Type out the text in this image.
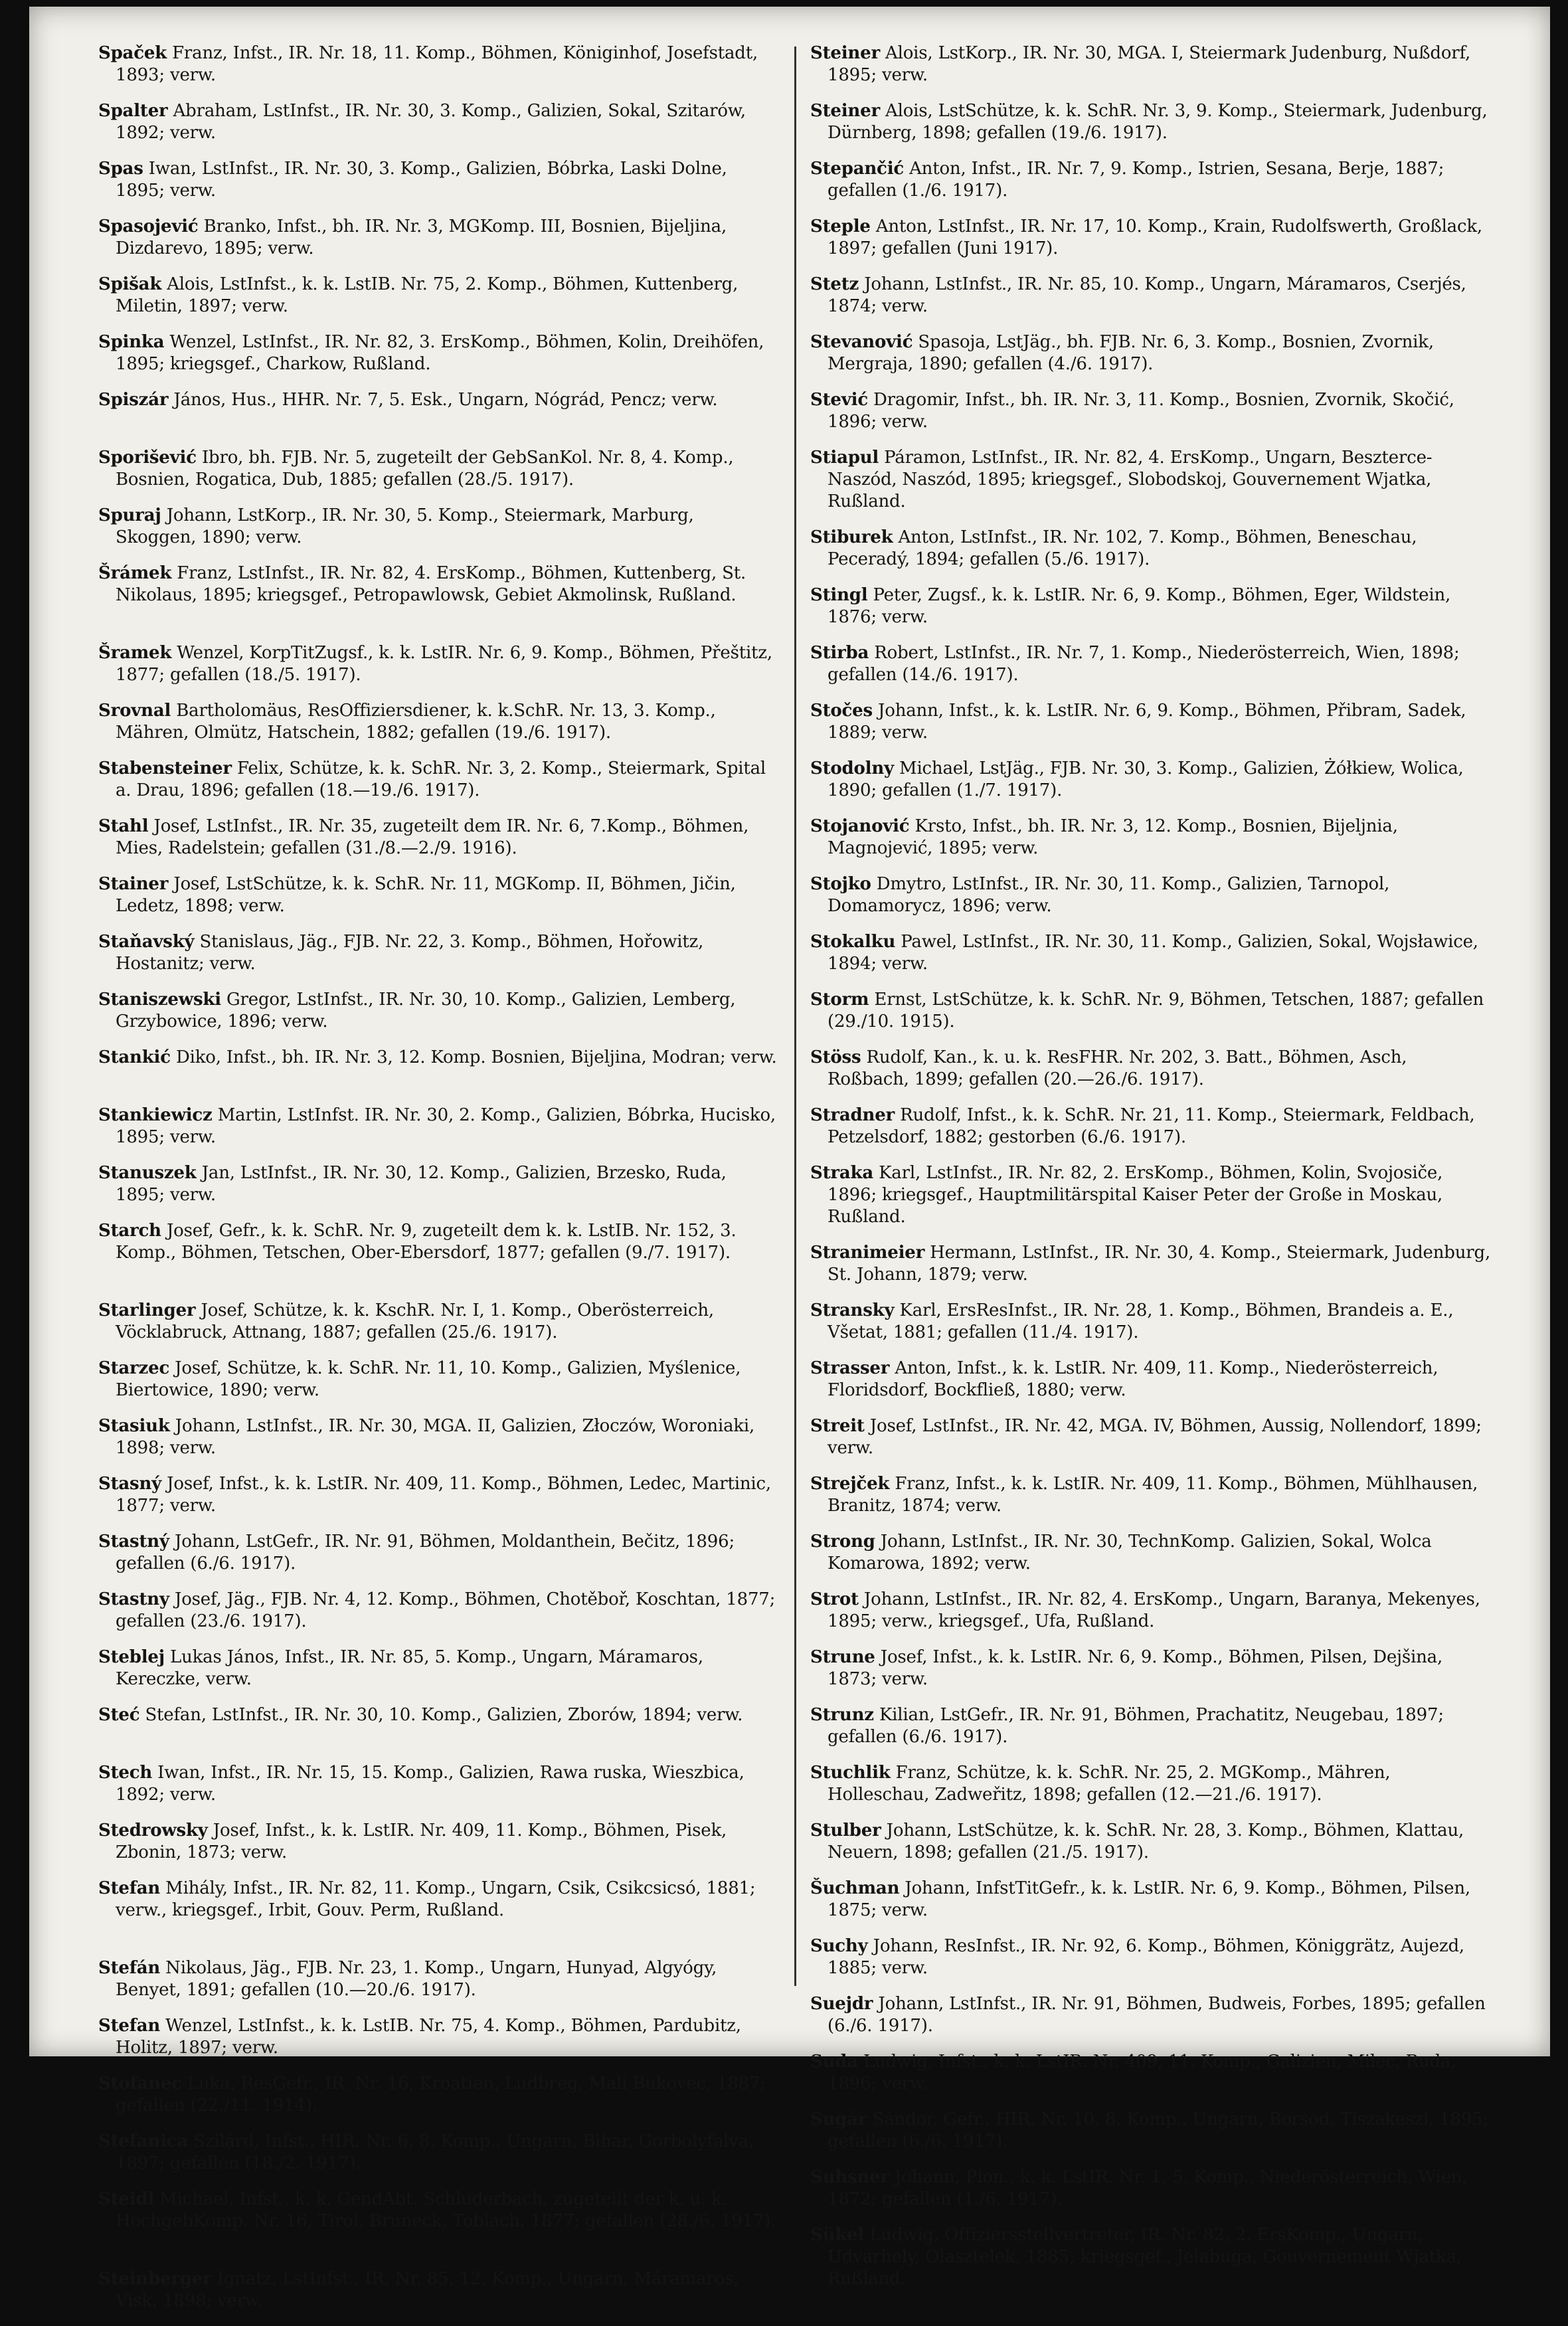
Spaček Franz, Infst., IR. Nr. 18, 11. Komp., Böhmen, Königinhof, Josefstadt, 1893; verw.
Spalter Abraham, LstInfst., IR. Nr. 30, 3. Komp., Galizien, Sokal, Szitarów, 1892; verw.
Spas Iwan, LstInfst., IR. Nr. 30, 3. Komp., Galizien, Bóbrka, Laski Dolne, 1895; verw.
Spasojević Branko, Infst., bh. IR. Nr. 3, MGKomp. III, Bosnien, Bijeljina, Dizdarevo, 1895; verw.
Spišak Alois, LstInfst., k. k. LstIB. Nr. 75, 2. Komp., Böhmen, Kuttenberg, Miletin, 1897; verw.
Spinka Wenzel, LstInfst., IR. Nr. 82, 3. ErsKomp., Böhmen, Kolin, Dreihöfen, 1895; kriegsgef., Charkow, Rußland.
Spiszár János, Hus., HHR. Nr. 7, 5. Esk., Ungarn, Nógrád, Pencz; verw.
Sporišević Ibro, bh. FJB. Nr. 5, zugeteilt der GebSanKol. Nr. 8, 4. Komp., Bosnien, Rogatica, Dub, 1885; gefallen (28./5. 1917).
Spuraj Johann, LstKorp., IR. Nr. 30, 5. Komp., Steiermark, Marburg, Skoggen, 1890; verw.
Šrámek Franz, LstInfst., IR. Nr. 82, 4. ErsKomp., Böhmen, Kuttenberg, St. Nikolaus, 1895; kriegsgef., Petropawlowsk, Gebiet Akmolinsk, Rußland.
Šramek Wenzel, KorpTitZugsf., k. k. LstIR. Nr. 6, 9. Komp., Böhmen, Přeštitz, 1877; gefallen (18./5. 1917).
Srovnal Bartholomäus, ResOffiziersdiener, k. k.SchR. Nr. 13, 3. Komp., Mähren, Olmütz, Hatschein, 1882; gefallen (19./6. 1917).
Stabensteiner Felix, Schütze, k. k. SchR. Nr. 3, 2. Komp., Steiermark, Spital a. Drau, 1896; gefallen (18.—19./6. 1917).
Stahl Josef, LstInfst., IR. Nr. 35, zugeteilt dem IR. Nr. 6, 7.Komp., Böhmen, Mies, Radelstein; gefallen (31./8.—2./9. 1916).
Stainer Josef, LstSchütze, k. k. SchR. Nr. 11, MGKomp. II, Böhmen, Jičin, Ledetz, 1898; verw.
Staňavský Stanislaus, Jäg., FJB. Nr. 22, 3. Komp., Böhmen, Hořowitz, Hostanitz; verw.
Staniszewski Gregor, LstInfst., IR. Nr. 30, 10. Komp., Galizien, Lemberg, Grzybowice, 1896; verw.
Stankić Diko, Infst., bh. IR. Nr. 3, 12. Komp. Bosnien, Bijeljina, Modran; verw.
Stankiewicz Martin, LstInfst. IR. Nr. 30, 2. Komp., Galizien, Bóbrka, Hucisko, 1895; verw.
Stanuszek Jan, LstInfst., IR. Nr. 30, 12. Komp., Galizien, Brzesko, Ruda, 1895; verw.
Starch Josef, Gefr., k. k. SchR. Nr. 9, zugeteilt dem k. k. LstIB. Nr. 152, 3. Komp., Böhmen, Tetschen, Ober-Ebersdorf, 1877; gefallen (9./7. 1917).
Starlinger Josef, Schütze, k. k. KschR. Nr. I, 1. Komp., Oberösterreich, Vöcklabruck, Attnang, 1887; gefallen (25./6. 1917).
Starzec Josef, Schütze, k. k. SchR. Nr. 11, 10. Komp., Galizien, Myślenice, Biertowice, 1890; verw.
Stasiuk Johann, LstInfst., IR. Nr. 30, MGA. II, Galizien, Złoczów, Woroniaki, 1898; verw.
Stasný Josef, Infst., k. k. LstIR. Nr. 409, 11. Komp., Böhmen, Ledec, Martinic, 1877; verw.
Stastný Johann, LstGefr., IR. Nr. 91, Böhmen, Moldanthein, Bečitz, 1896; gefallen (6./6. 1917).
Stastny Josef, Jäg., FJB. Nr. 4, 12. Komp., Böhmen, Chotěboř, Koschtan, 1877; gefallen (23./6. 1917).
Steblej Lukas János, Infst., IR. Nr. 85, 5. Komp., Ungarn, Máramaros, Kereczke, verw.
Steć Stefan, LstInfst., IR. Nr. 30, 10. Komp., Galizien, Zborów, 1894; verw.
Stech Iwan, Infst., IR. Nr. 15, 15. Komp., Galizien, Rawa ruska, Wieszbica, 1892; verw.
Stedrowsky Josef, Infst., k. k. LstIR. Nr. 409, 11. Komp., Böhmen, Pisek, Zbonin, 1873; verw.
Stefan Mihály, Infst., IR. Nr. 82, 11. Komp., Ungarn, Csik, Csikcsicsó, 1881; verw., kriegsgef., Irbit, Gouv. Perm, Rußland.
Stefán Nikolaus, Jäg., FJB. Nr. 23, 1. Komp., Ungarn, Hunyad, Algyógy, Benyet, 1891; gefallen (10.—20./6. 1917).
Stefan Wenzel, LstInfst., k. k. LstIB. Nr. 75, 4. Komp., Böhmen, Pardubitz, Holitz, 1897; verw.
Stofanec Luka, ResGefr., IR. Nr. 16, Kroatien, Ludbreg, Mali Bukovec, 1887; gefallen (22./11. 1914).
Stefanica Szilárd, Infst., HIR. Nr. 6, 8. Komp., Ungarn, Bihar, Gorbolyfalva, 1897; gefallen (18./2. 1917).
Steidl Michael, Infst., k. k. GendAbt. Schluderbach, zugeteilt der k. u. k. HochgebKomp. Nr. 16, Tirol, Bruneck, Toblach, 1877; gefallen (28./6. 1917).
Steinberger Ignatz, LstInfst., IR. Nr. 85, 12. Komp., Ungarn, Máramaros, Visk, 1898; verw.
Steiner Alois, LstKorp., IR. Nr. 30, MGA. I, Steiermark Judenburg, Nußdorf, 1895; verw.
Steiner Alois, LstSchütze, k. k. SchR. Nr. 3, 9. Komp., Steiermark, Judenburg, Dürnberg, 1898; gefallen (19./6. 1917).
Stepančić Anton, Infst., IR. Nr. 7, 9. Komp., Istrien, Sesana, Berje, 1887; gefallen (1./6. 1917).
Steple Anton, LstInfst., IR. Nr. 17, 10. Komp., Krain, Rudolfswerth, Großlack, 1897; gefallen (Juni 1917).
Stetz Johann, LstInfst., IR. Nr. 85, 10. Komp., Ungarn, Máramaros, Cserjés, 1874; verw.
Stevanović Spasoja, LstJäg., bh. FJB. Nr. 6, 3. Komp., Bosnien, Zvornik, Mergraja, 1890; gefallen (4./6. 1917).
Stević Dragomir, Infst., bh. IR. Nr. 3, 11. Komp., Bosnien, Zvornik, Skočić, 1896; verw.
Stiapul Páramon, LstInfst., IR. Nr. 82, 4. ErsKomp., Ungarn, Beszterce-Naszód, Naszód, 1895; kriegsgef., Slobodskoj, Gouvernement Wjatka, Rußland.
Stiburek Anton, LstInfst., IR. Nr. 102, 7. Komp., Böhmen, Beneschau, Peceradý, 1894; gefallen (5./6. 1917).
Stingl Peter, Zugsf., k. k. LstIR. Nr. 6, 9. Komp., Böhmen, Eger, Wildstein, 1876; verw.
Stirba Robert, LstInfst., IR. Nr. 7, 1. Komp., Niederösterreich, Wien, 1898; gefallen (14./6. 1917).
Stočes Johann, Infst., k. k. LstIR. Nr. 6, 9. Komp., Böhmen, Přibram, Sadek, 1889; verw.
Stodolny Michael, LstJäg., FJB. Nr. 30, 3. Komp., Galizien, Żółkiew, Wolica, 1890; gefallen (1./7. 1917).
Stojanović Krsto, Infst., bh. IR. Nr. 3, 12. Komp., Bosnien, Bijeljnia, Magnojević, 1895; verw.
Stojko Dmytro, LstInfst., IR. Nr. 30, 11. Komp., Galizien, Tarnopol, Domamorycz, 1896; verw.
Stokalku Pawel, LstInfst., IR. Nr. 30, 11. Komp., Galizien, Sokal, Wojsławice, 1894; verw.
Storm Ernst, LstSchütze, k. k. SchR. Nr. 9, Böhmen, Tetschen, 1887; gefallen (29./10. 1915).
Stöss Rudolf, Kan., k. u. k. ResFHR. Nr. 202, 3. Batt., Böhmen, Asch, Roßbach, 1899; gefallen (20.—26./6. 1917).
Stradner Rudolf, Infst., k. k. SchR. Nr. 21, 11. Komp., Steiermark, Feldbach, Petzelsdorf, 1882; gestorben (6./6. 1917).
Straka Karl, LstInfst., IR. Nr. 82, 2. ErsKomp., Böhmen, Kolin, Svojosiče, 1896; kriegsgef., Hauptmilitärspital Kaiser Peter der Große in Moskau, Rußland.
Stranimeier Hermann, LstInfst., IR. Nr. 30, 4. Komp., Steiermark, Judenburg, St. Johann, 1879; verw.
Stransky Karl, ErsResInfst., IR. Nr. 28, 1. Komp., Böhmen, Brandeis a. E., Všetat, 1881; gefallen (11./4. 1917).
Strasser Anton, Infst., k. k. LstIR. Nr. 409, 11. Komp., Niederösterreich, Floridsdorf, Bockfließ, 1880; verw.
Streit Josef, LstInfst., IR. Nr. 42, MGA. IV, Böhmen, Aussig, Nollendorf, 1899; verw.
Strejček Franz, Infst., k. k. LstIR. Nr. 409, 11. Komp., Böhmen, Mühlhausen, Branitz, 1874; verw.
Strong Johann, LstInfst., IR. Nr. 30, TechnKomp. Galizien, Sokal, Wolca Komarowa, 1892; verw.
Strot Johann, LstInfst., IR. Nr. 82, 4. ErsKomp., Ungarn, Baranya, Mekenyes, 1895; verw., kriegsgef., Ufa, Rußland.
Strune Josef, Infst., k. k. LstIR. Nr. 6, 9. Komp., Böhmen, Pilsen, Dejšina, 1873; verw.
Strunz Kilian, LstGefr., IR. Nr. 91, Böhmen, Prachatitz, Neugebau, 1897; gefallen (6./6. 1917).
Stuchlik Franz, Schütze, k. k. SchR. Nr. 25, 2. MGKomp., Mähren, Holleschau, Zadweřitz, 1898; gefallen (12.—21./6. 1917).
Stulber Johann, LstSchütze, k. k. SchR. Nr. 28, 3. Komp., Böhmen, Klattau, Neuern, 1898; gefallen (21./5. 1917).
Šuchman Johann, InfstTitGefr., k. k. LstIR. Nr. 6, 9. Komp., Böhmen, Pilsen, 1875; verw.
Suchy Johann, ResInfst., IR. Nr. 92, 6. Komp., Böhmen, Königgrätz, Aujezd, 1885; verw.
Suejdr Johann, LstInfst., IR. Nr. 91, Böhmen, Budweis, Forbes, 1895; gefallen (6./6. 1917).
Suda Ludwig, Infst., k. k. LstIR. Nr. 409, 11. Komp., Galizien, Milec, Ruda, 1896; verw.
Sugár Sándor, Gefr., HIR. Nr. 10, 8. Komp., Ungarn, Borsod, Tiszakeszi, 1895; gefallen (6./6. 1917).
Suhsner Johann, Pion., k. k. LstIR. Nr. 1, 5. Komp., Niederösterreich, Wien, 1872; gefallen (1./6. 1917).
Sükel Ludwig, Offiziersstellvertreter, IR. Nr. 82, 2. ErsKomp., Ungarn, Udvarhely, Olasztelek, 1885; kriegsgef., Jelabuga, Gouvernement Wjatka, Rußland.
